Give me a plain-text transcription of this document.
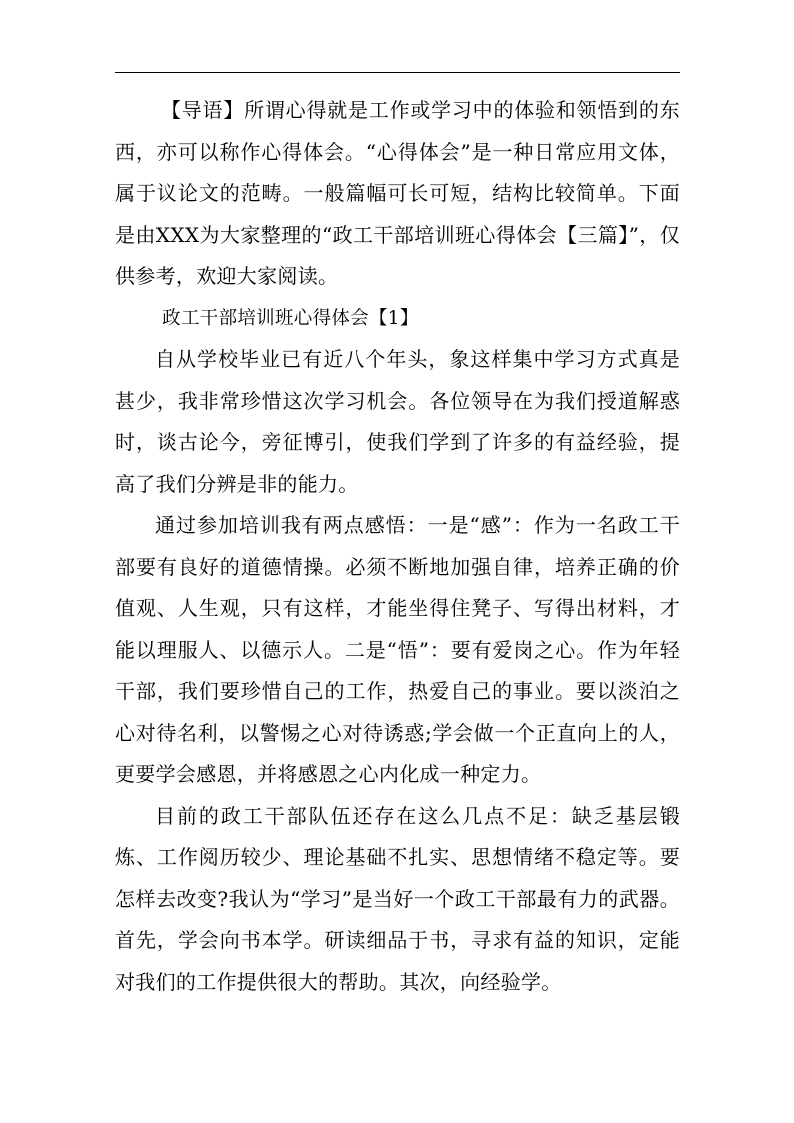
【导语】所谓心得就是工作或学习中的体验和领悟到的东西，亦可以称作心得体会。“心得体会”是一种日常应用文体，属于议论文的范畴。一般篇幅可长可短，结构比较简单。下面是由XXX为大家整理的“政工干部培训班心得体会【三篇】”，仅供参考，欢迎大家阅读。

政工干部培训班心得体会【1】

自从学校毕业已有近八个年头，象这样集中学习方式真是甚少，我非常珍惜这次学习机会。各位领导在为我们授道解惑时，谈古论今，旁征博引，使我们学到了许多的有益经验，提高了我们分辨是非的能力。

通过参加培训我有两点感悟：一是“感”：作为一名政工干部要有良好的道德情操。必须不断地加强自律，培养正确的价值观、人生观，只有这样，才能坐得住凳子、写得出材料，才能以理服人、以德示人。二是“悟”：要有爱岗之心。作为年轻干部，我们要珍惜自己的工作，热爱自己的事业。要以淡泊之心对待名利，以警惕之心对待诱惑;学会做一个正直向上的人，更要学会感恩，并将感恩之心内化成一种定力。

目前的政工干部队伍还存在这么几点不足：缺乏基层锻炼、工作阅历较少、理论基础不扎实、思想情绪不稳定等。要怎样去改变?我认为“学习”是当好一个政工干部最有力的武器。首先，学会向书本学。研读细品于书，寻求有益的知识，定能对我们的工作提供很大的帮助。其次，向经验学。
